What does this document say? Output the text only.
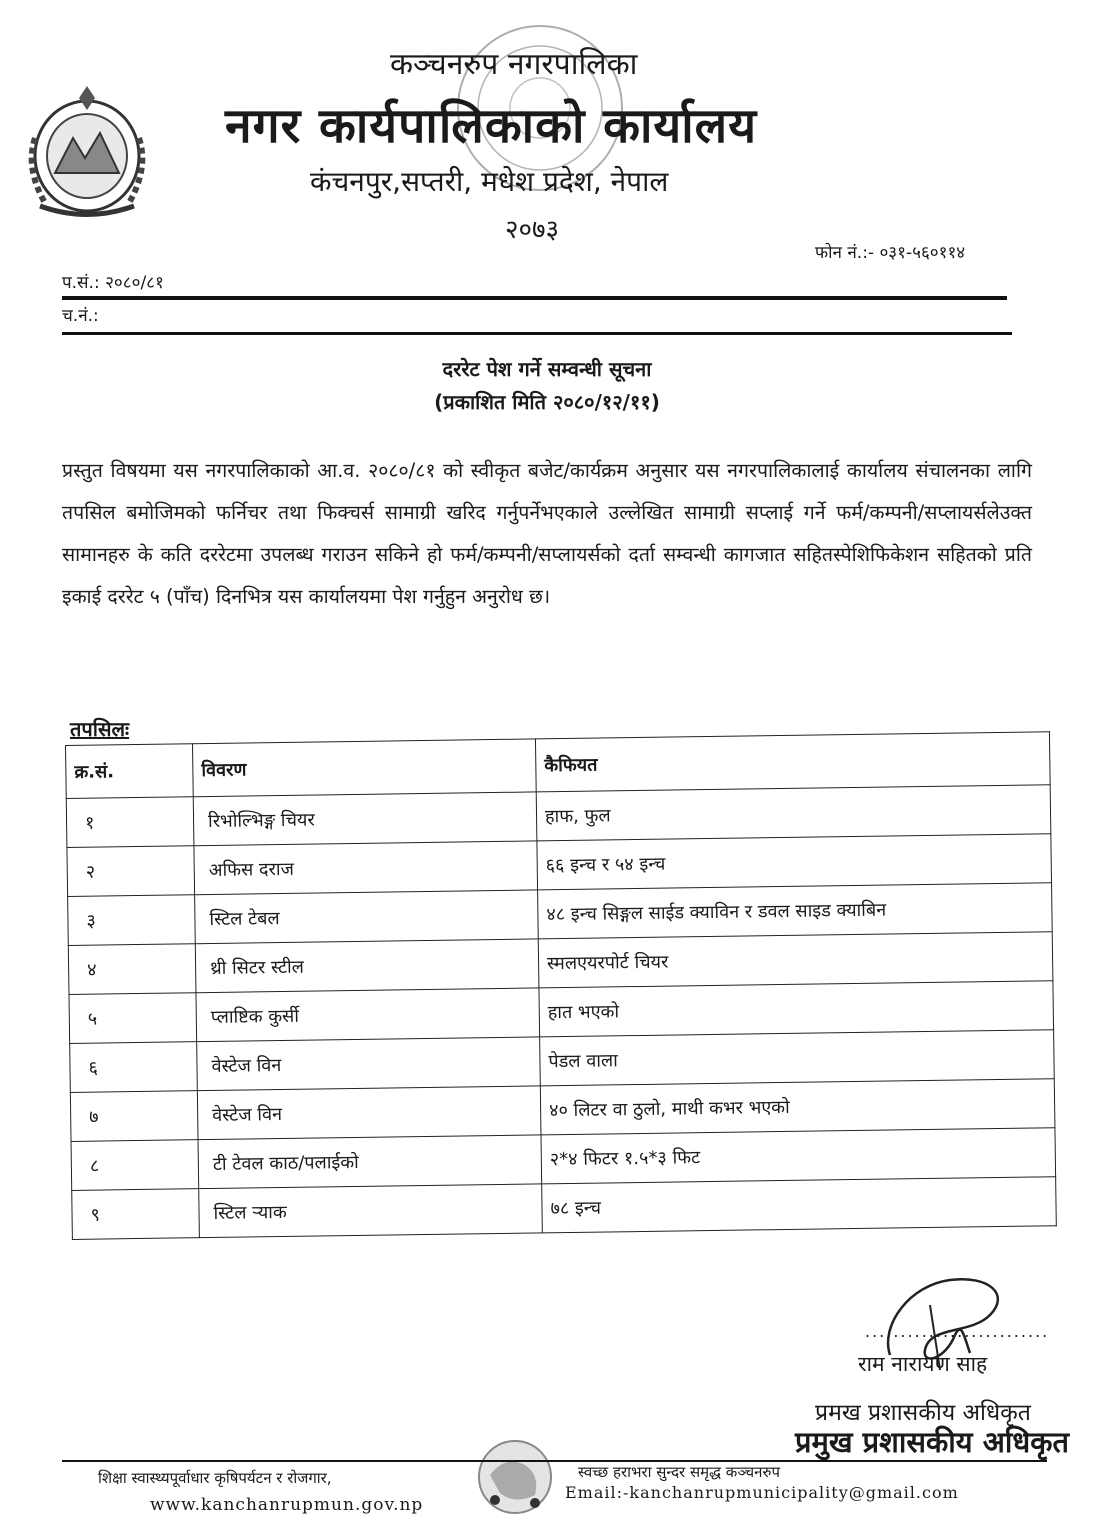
कञ्चनरुप नगरपालिका
नगर कार्यपालिकाको कार्यालय
कंचनपुर,सप्तरी, मधेश प्रदेश, नेपाल
२०७३
फोन नं.:- ०३१-५६०११४
प.सं.: २०८०/८१
च.नं.:
दररेट पेश गर्ने सम्वन्धी सूचना
(प्रकाशित मिति २०८०/१२/११)
प्रस्तुत विषयमा यस नगरपालिकाको आ.व. २०८०/८१ को स्वीकृत बजेट/कार्यक्रम अनुसार यस नगरपालिकालाई कार्यालय संचालनका लागि तपसिल बमोजिमको फर्निचर तथा फिक्चर्स सामाग्री खरिद गर्नुपर्नेभएकाले उल्लेखित सामाग्री सप्लाई गर्ने फर्म/कम्पनी/सप्लायर्सलेउक्त सामानहरु के कति दररेटमा उपलब्ध गराउन सकिने हो फर्म/कम्पनी/सप्लायर्सको दर्ता सम्वन्धी कागजात सहितस्पेशिफिकेशन सहितको प्रति इकाई दररेट ५ (पाँच) दिनभित्र यस कार्यालयमा पेश गर्नुहुन अनुरोध छ।
तपसिलः
क्र.सं.	विवरण	कैफियत
१	रिभोल्भिङ्ग चियर	हाफ, फुल
२	अफिस दराज	६६ इन्च र ५४ इन्च
३	स्टिल टेबल	४८ इन्च सिङ्गल साईड क्याविन र डवल साइड क्याबिन
४	थ्री सिटर स्टील	स्मलएयरपोर्ट चियर
५	प्लाष्टिक कुर्सी	हात भएको
६	वेस्टेज विन	पेडल वाला
७	वेस्टेज विन	४० लिटर वा ठुलो, माथी कभर भएको
८	टी टेवल काठ/पलाईको	२*४ फिटर १.५*३ फिट
९	स्टिल र्‍याक	७८ इन्च
..........................
राम नारायण साह
प्रमख प्रशासकीय अधिकृत
प्रमुख प्रशासकीय अधिकृत
शिक्षा स्वास्थ्यपूर्वाधार कृषिपर्यटन र रोजगार,	स्वच्छ हराभरा सुन्दर समृद्ध कञ्चनरुप
www.kanchanrupmun.gov.np
Email:-kanchanrupmunicipality@gmail.com
